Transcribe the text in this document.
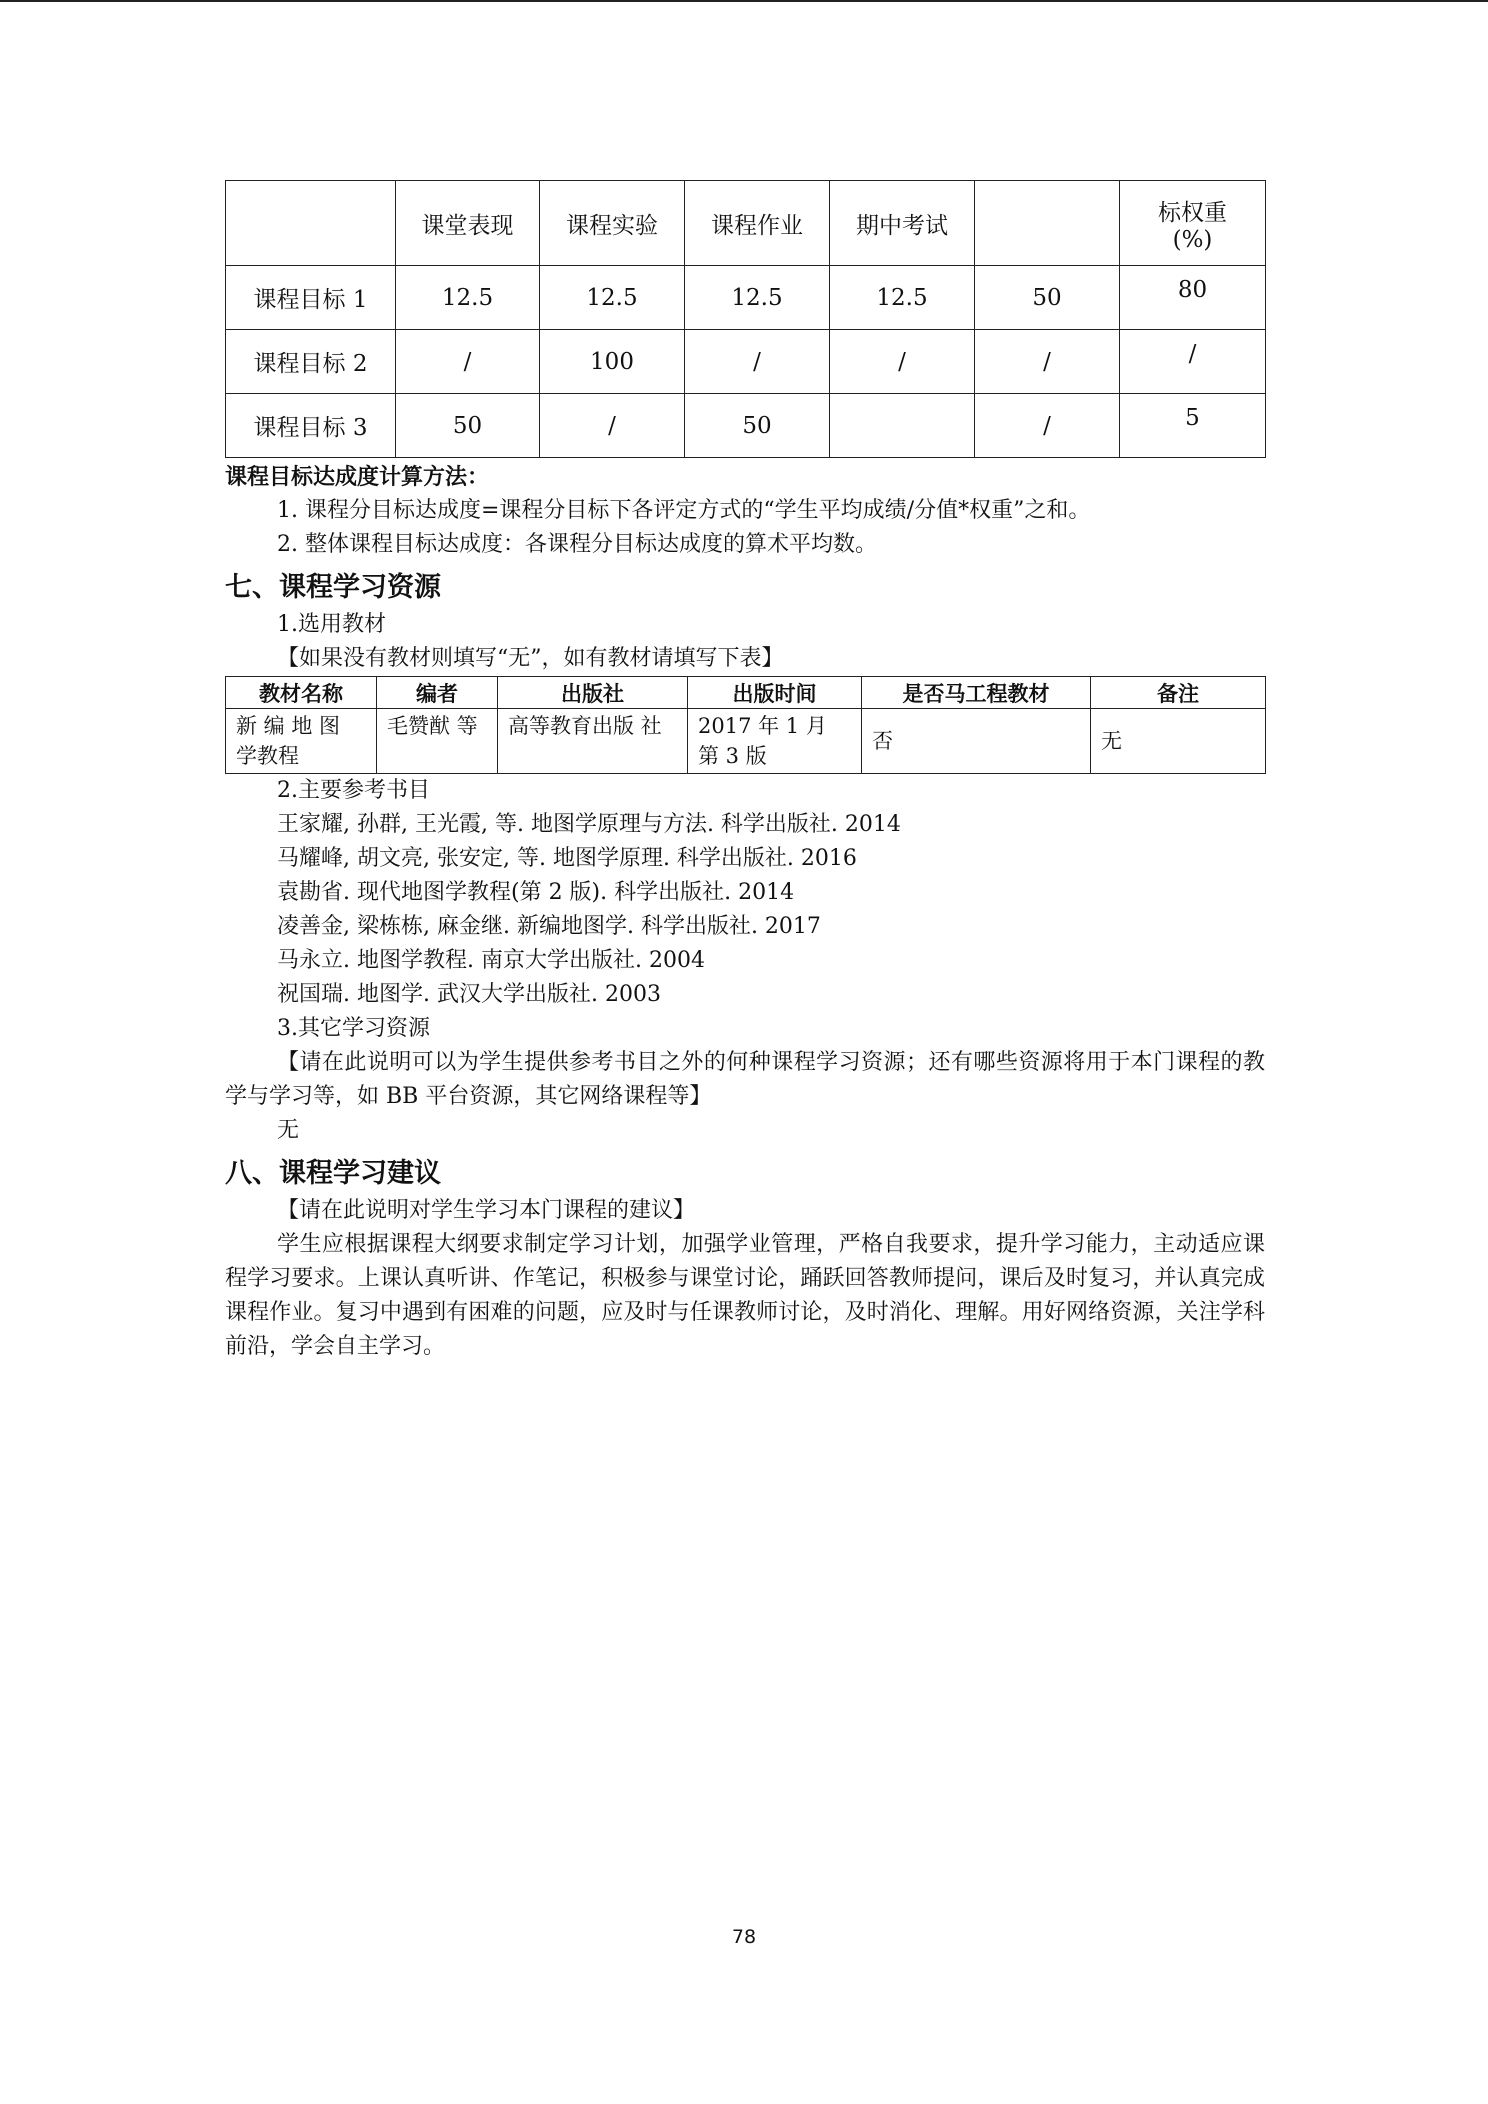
	课堂表现	课程实验	课程作业	期中考试		标权重
(%)

课程目标 1	12.5	12.5	12.5	12.5	50	80
课程目标 2	/	100	/	/	/	/
课程目标 3	50	/	50		/	5
课程目标达成度计算方法：
1. 课程分目标达成度=课程分目标下各评定方式的“学生平均成绩/分值*权重”之和。
2. 整体课程目标达成度：各课程分目标达成度的算术平均数。
七、课程学习资源
1.选用教材
【如果没有教材则填写“无”，如有教材请填写下表】
教材名称	编者	出版社	出版时间	是否马工程教材	备注
新 编 地 图 学教程	毛赞猷 等	高等教育出版 社	2017 年 1 月 第 3 版	否	无
2.主要参考书目
王家耀, 孙群, 王光霞, 等. 地图学原理与方法. 科学出版社. 2014
马耀峰, 胡文亮, 张安定, 等. 地图学原理. 科学出版社. 2016
袁勘省. 现代地图学教程(第 2 版). 科学出版社. 2014
凌善金, 梁栋栋, 麻金继. 新编地图学. 科学出版社. 2017
马永立. 地图学教程. 南京大学出版社. 2004
祝国瑞. 地图学. 武汉大学出版社. 2003
3.其它学习资源
【请在此说明可以为学生提供参考书目之外的何种课程学习资源；还有哪些资源将用于本门课程的教学与学习等，如 BB 平台资源，其它网络课程等】
无
八、课程学习建议
【请在此说明对学生学习本门课程的建议】
学生应根据课程大纲要求制定学习计划，加强学业管理，严格自我要求，提升学习能力，主动适应课程学习要求。上课认真听讲、作笔记，积极参与课堂讨论，踊跃回答教师提问，课后及时复习，并认真完成课程作业。复习中遇到有困难的问题，应及时与任课教师讨论，及时消化、理解。用好网络资源，关注学科前沿，学会自主学习。
78
